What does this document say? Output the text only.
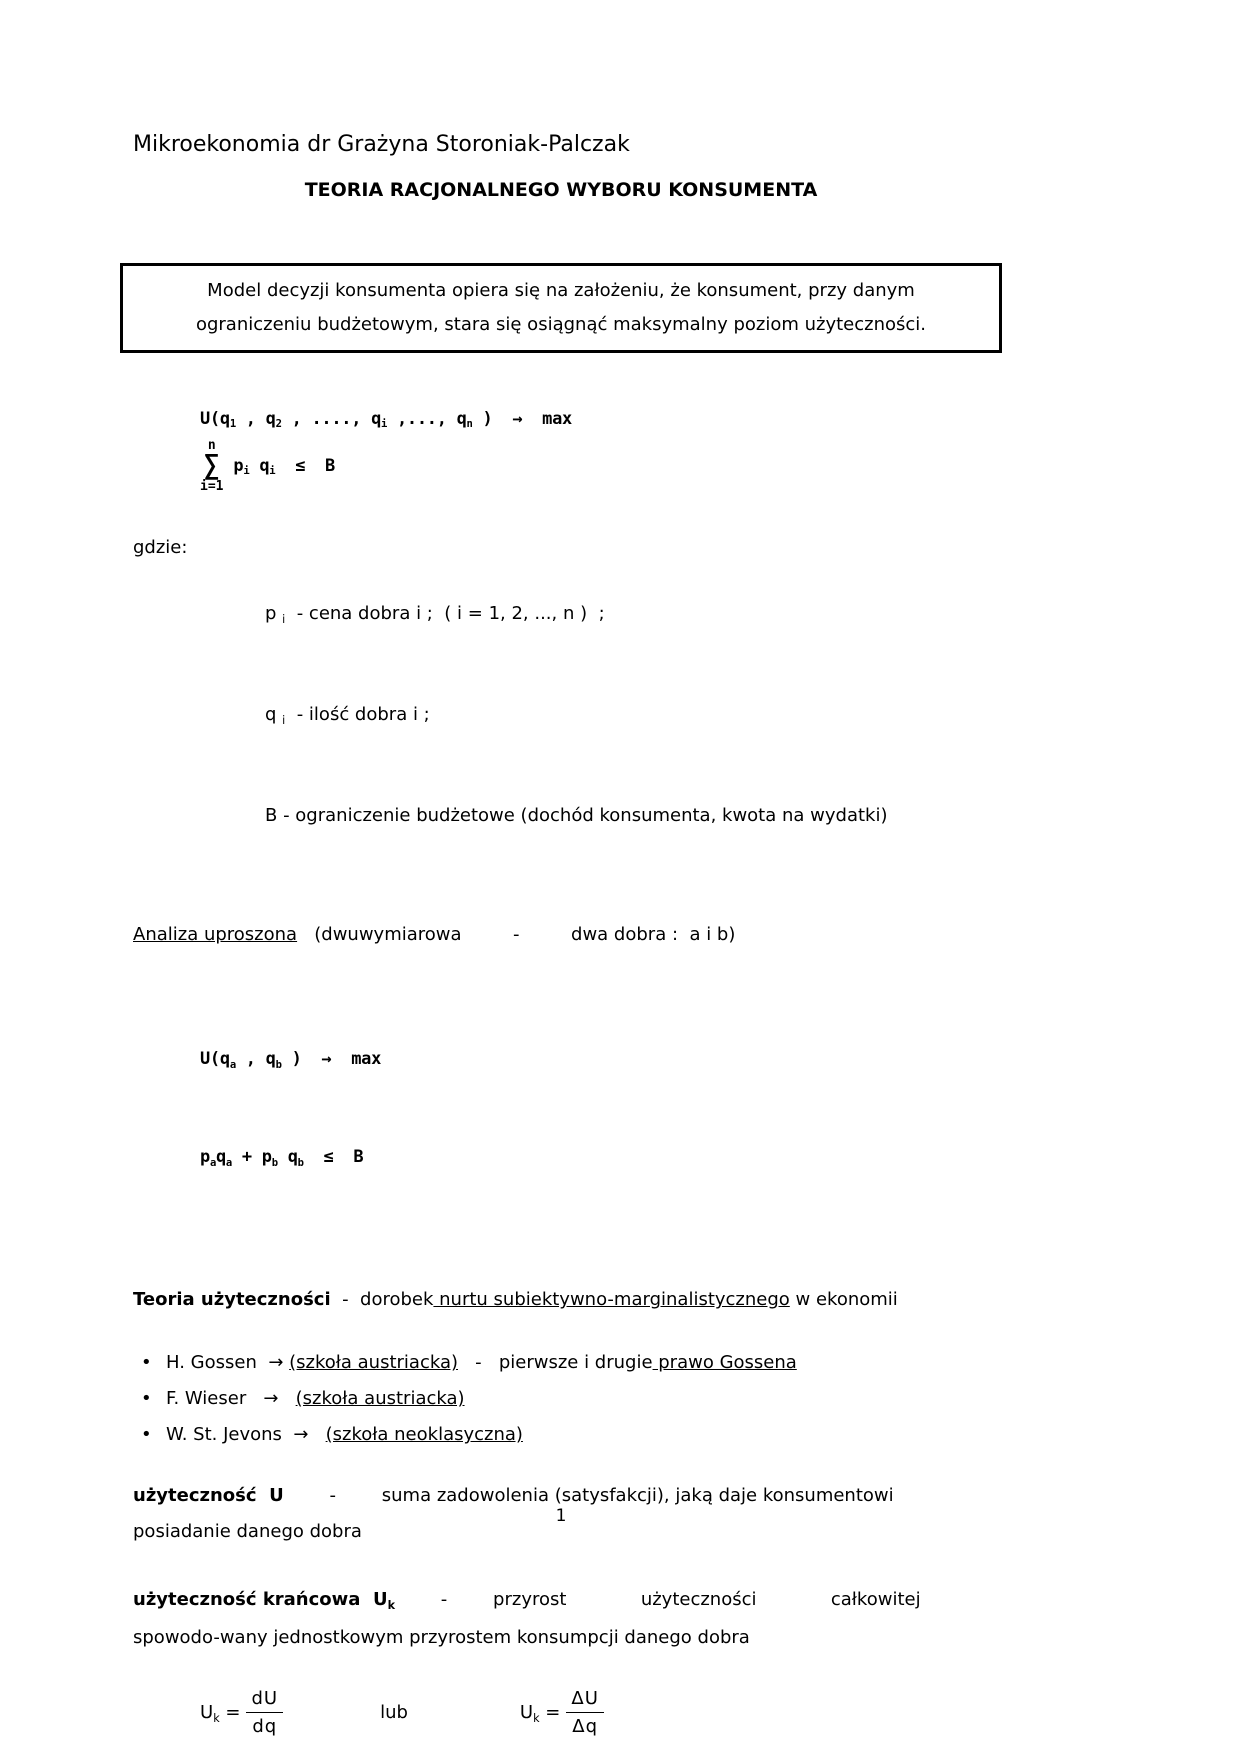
Mikroekonomia dr Grażyna Storoniak-Palczak
TEORIA RACJONALNEGO WYBORU KONSUMENTA
Model decyzji konsumenta opiera się na założeniu, że konsument, przy danym ograniczeniu budżetowym, stara się osiągnąć maksymalny poziom użyteczności.
U(q1 , q2 , ...., qi ,..., qn )  →  max
n
∑
i=1
pi qi  ≤  B
gdzie:

p i  - cena dobra i ;  ( i = 1, 2, ..., n )  ;

q i  - ilość dobra i ;

B - ograniczenie budżetowe (dochód konsumenta, kwota na wydatki)

Analiza uproszona   (dwuwymiarowa         -         dwa dobra :  a i b)

U(qa , qb )  →  max

paqa + pb qb  ≤  B

Teoria użyteczności  -  dorobek nurtu subiektywno-marginalistycznego w ekonomii
• H. Gossen  → (szkoła austriacka)   -   pierwsze i drugie prawo Gossena
• F. Wieser   →   (szkoła austriacka)
• W. St. Jevons  →   (szkoła neoklasyczna)
użyteczność  U        -        suma zadowolenia (satysfakcji), jaką daje konsumentowi
posiadanie danego dobra
użyteczność krańcowa  Uk        -        przyrost             użyteczności             całkowitej
spowodo-wany jednostkowym przyrostem konsumpcji danego dobra
$Uk = \frac{dU}{dq}$	lub	$Uk = \frac{\Delta U}{\Delta q}$
1
